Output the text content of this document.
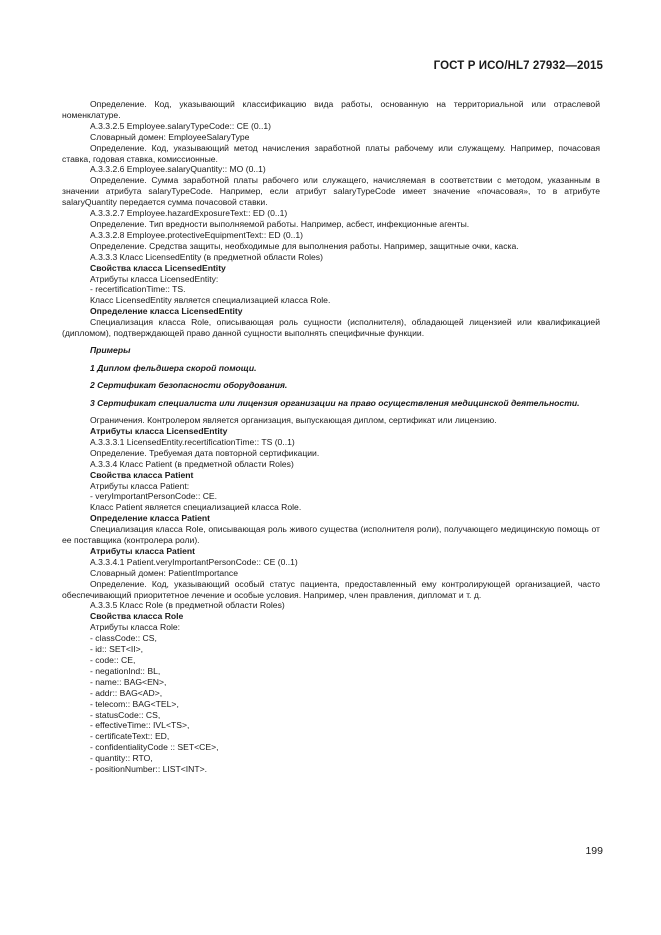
ГОСТ Р ИСО/HL7 27932—2015

Определение. Код, указывающий классификацию вида работы, основанную на территориальной или отраслевой номенклатуре.

A.3.3.2.5 Employee.salaryTypeCode:: CE (0..1)

Словарный домен: EmployeeSalaryType

Определение. Код, указывающий метод начисления заработной платы рабочему или служащему. Например, почасовая ставка, годовая ставка, комиссионные.

A.3.3.2.6 Employee.salaryQuantity:: MO (0..1)

Определение. Сумма заработной платы рабочего или служащего, начисляемая в соответствии с методом, указанным в значении атрибута salaryTypeCode. Например, если атрибут salaryTypeCode имеет значение «почасовая», то в атрибуте salaryQuantity передается сумма почасовой ставки.

A.3.3.2.7 Employee.hazardExposureText:: ED (0..1)

Определение. Тип вредности выполняемой работы. Например, асбест, инфекционные агенты.

A.3.3.2.8 Employee.protectiveEquipmentText:: ED (0..1)

Определение. Средства защиты, необходимые для выполнения работы. Например, защитные очки, каска.

A.3.3.3 Класс LicensedEntity (в предметной области Roles)

Свойства класса LicensedEntity

Атрибуты класса LicensedEntity:

- recertificationTime:: TS.

Класс LicensedEntity является специализацией класса Role.

Определение класса LicensedEntity

Специализация класса Role, описывающая роль сущности (исполнителя), обладающей лицензией или квалификацией (дипломом), подтверждающей право данной сущности выполнять специфичные функции.

Примеры

1 Диплом фельдшера скорой помощи.

2 Сертификат безопасности оборудования.

3 Сертификат специалиста или лицензия организации на право осуществления медицинской деятельности.

Ограничения. Контролером является организация, выпускающая диплом, сертификат или лицензию.

Атрибуты класса LicensedEntity

A.3.3.3.1 LicensedEntity.recertificationTime:: TS (0..1)

Определение. Требуемая дата повторной сертификации.

A.3.3.4 Класс Patient (в предметной области Roles)

Свойства класса Patient

Атрибуты класса Patient:

- veryImportantPersonCode:: CE.

Класс Patient является специализацией класса Role.

Определение класса Patient

Специализация класса Role, описывающая роль живого существа (исполнителя роли), получающего медицинскую помощь от ее поставщика (контролера роли).

Атрибуты класса Patient

A.3.3.4.1 Patient.veryImportantPersonCode:: CE (0..1)

Словарный домен: PatientImportance

Определение. Код, указывающий особый статус пациента, предоставленный ему контролирующей организацией, часто обеспечивающий приоритетное лечение и особые условия. Например, член правления, дипломат и т. д.

A.3.3.5 Класс Role (в предметной области Roles)

Свойства класса Role

Атрибуты класса Role:

- classCode:: CS,

- id:: SET<II>,

- code:: CE,

- negationInd:: BL,

- name:: BAG<EN>,

- addr:: BAG<AD>,

- telecom:: BAG<TEL>,

- statusCode:: CS,

- effectiveTime:: IVL<TS>,

- certificateText:: ED,

- confidentialityCode :: SET<CE>,

- quantity:: RTO,

- positionNumber:: LIST<INT>.

199
